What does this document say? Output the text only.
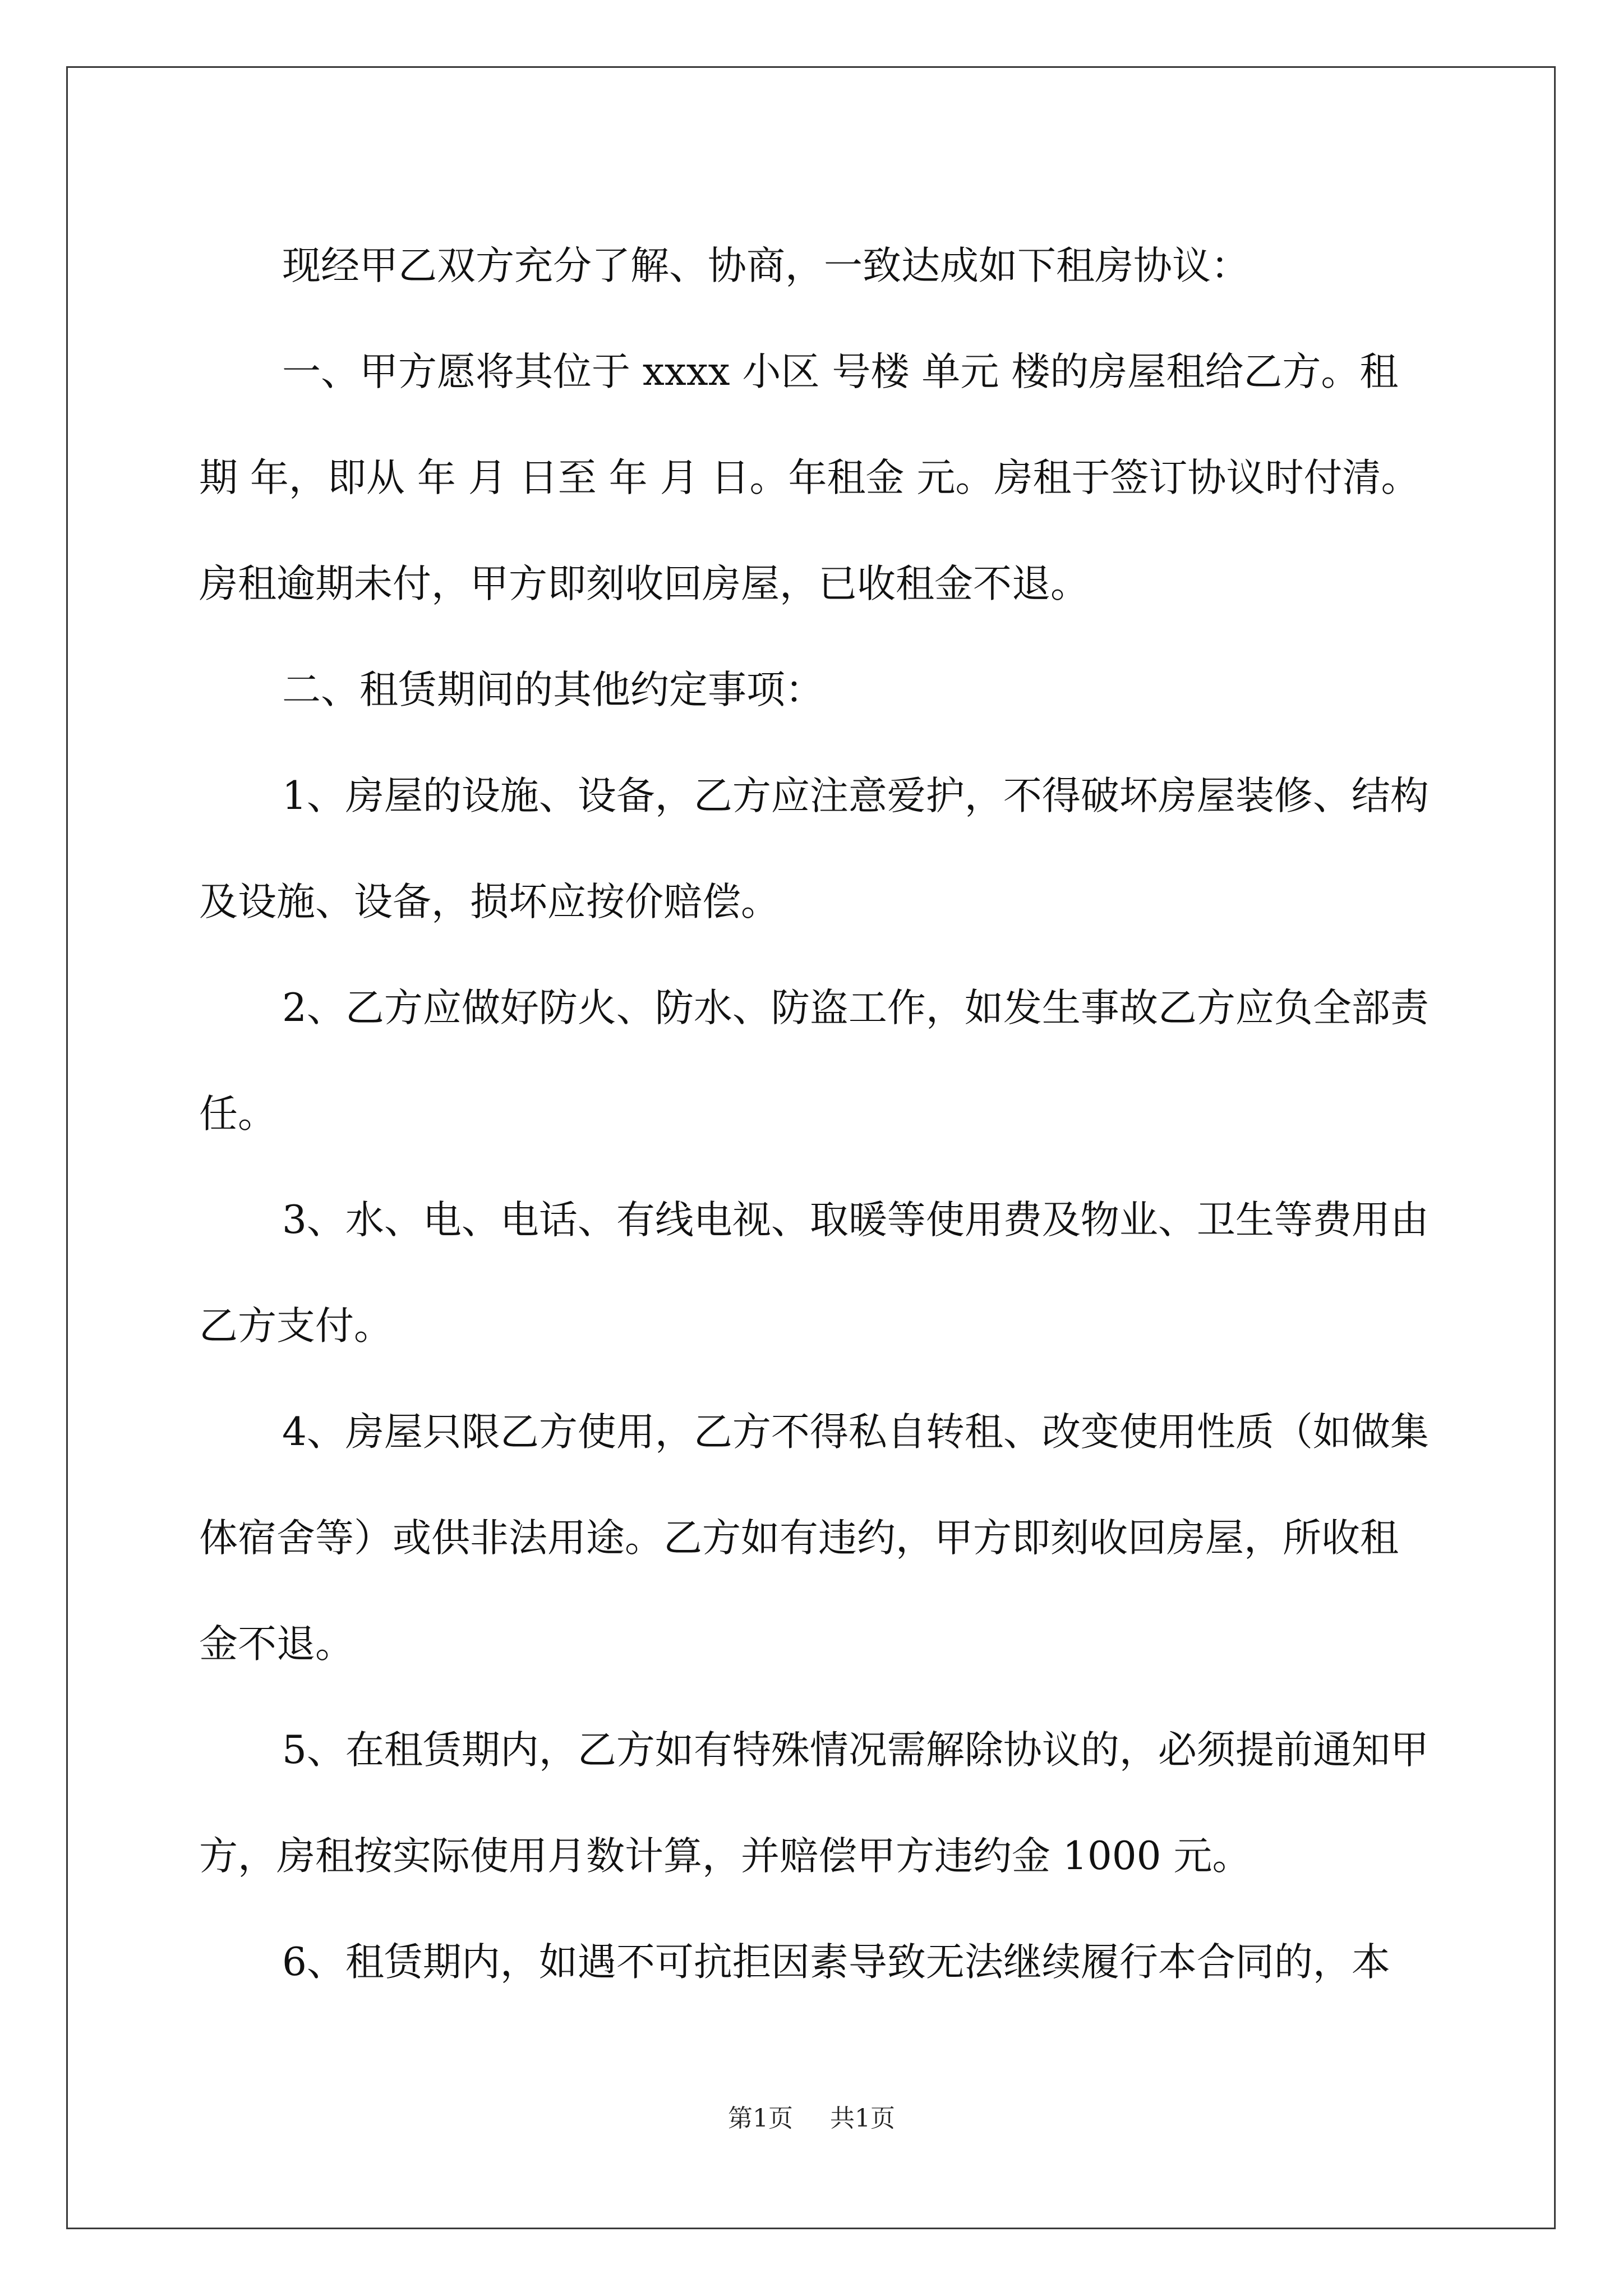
现经甲乙双方充分了解、协商，一致达成如下租房协议：

一、甲方愿将其位于 xxxx 小区 号楼 单元 楼的房屋租给乙方。租期 年，即从 年 月 日至 年 月 日。年租金 元。房租于签订协议时付清。房租逾期未付，甲方即刻收回房屋，已收租金不退。

二、租赁期间的其他约定事项：

1、房屋的设施、设备，乙方应注意爱护，不得破坏房屋装修、结构及设施、设备，损坏应按价赔偿。

2、乙方应做好防火、防水、防盗工作，如发生事故乙方应负全部责任。

3、水、电、电话、有线电视、取暖等使用费及物业、卫生等费用由乙方支付。

4、房屋只限乙方使用，乙方不得私自转租、改变使用性质（如做集体宿舍等）或供非法用途。乙方如有违约，甲方即刻收回房屋，所收租金不退。

5、在租赁期内，乙方如有特殊情况需解除协议的，必须提前通知甲方，房租按实际使用月数计算，并赔偿甲方违约金 1000 元。

6、租赁期内，如遇不可抗拒因素导致无法继续履行本合同的，本

第1页 共1页
